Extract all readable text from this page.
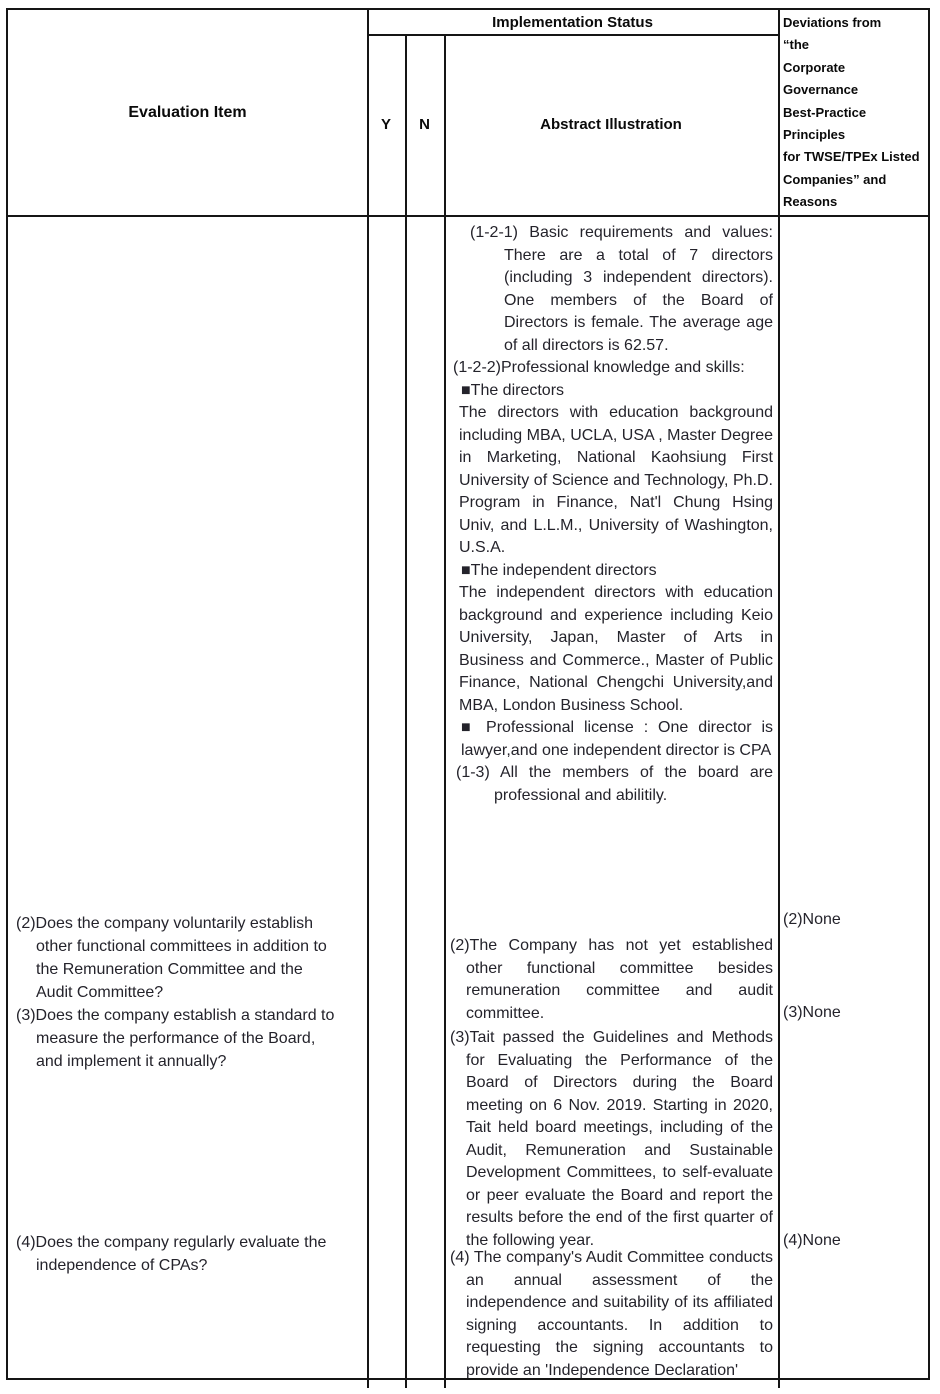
Evaluation Item
Implementation Status
Y N	Abstract Illustration
Deviations from
“the
Corporate
Governance
Best-Practice
Principles
for TWSE/TPEx Listed
Companies” and
Reasons

(2)Does the company voluntarily establish other functional committees in addition to the Remuneration Committee and the Audit Committee?

(3)Does the company establish a standard to measure the performance of the Board, and implement it annually?

(4)Does the company regularly evaluate the independence of CPAs?

(1-2-1) Basic requirements and values: There are a total of 7 directors (including 3 independent directors). One members of the Board of Directors is female. The average age of all directors is 62.57.

(1-2-2)Professional knowledge and skills:

■The directors

The directors with education background including MBA, UCLA, USA , Master Degree in Marketing, National Kaohsiung First University of Science and Technology, Ph.D. Program in Finance, Nat'l Chung Hsing Univ, and L.L.M., University of Washington, U.S.A.

■The independent directors

The independent directors with education background and experience including Keio University, Japan, Master of Arts in Business and Commerce., Master of Public Finance, National Chengchi University,and MBA, London Business School.

■ Professional license : One director is lawyer,and one independent director is CPA

(1-3) All the members of the board are professional and abilitily.

(2)The Company has not yet established other functional committee besides remuneration committee and audit committee.

(3)Tait passed the Guidelines and Methods for Evaluating the Performance of the Board of Directors during the Board meeting on 6 Nov. 2019. Starting in 2020, Tait held board meetings, including of the Audit, Remuneration and Sustainable Development Committees, to self-evaluate or peer evaluate the Board and report the results before the end of the first quarter of the following year.

(4) The company's Audit Committee conducts an annual assessment of the independence and suitability of its affiliated signing accountants. In addition to requesting the signing accountants to provide an 'Independence Declaration'

(2)None
(3)None
(4)None
